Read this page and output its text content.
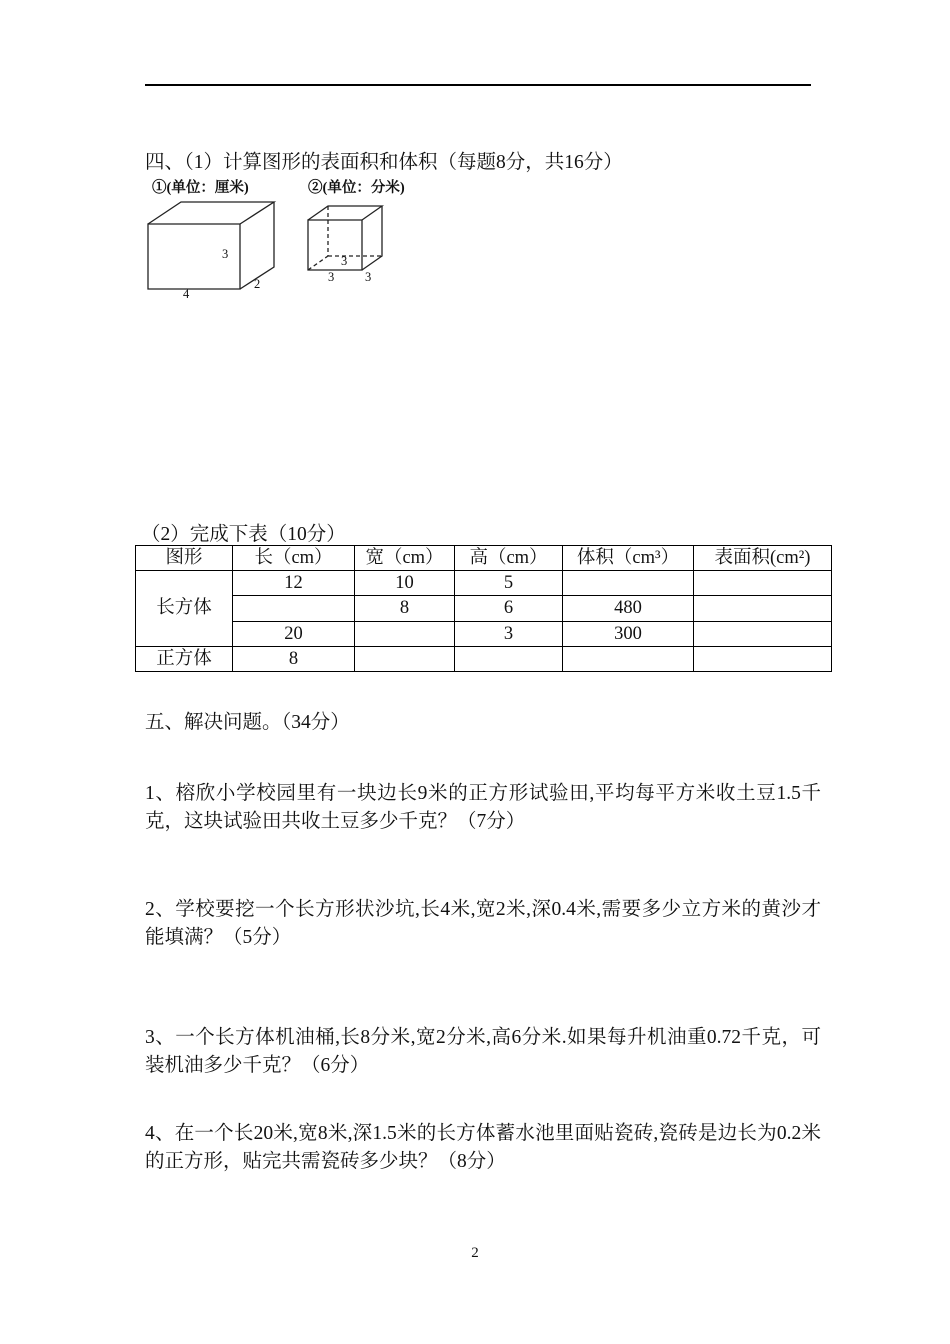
四、（1）计算图形的表面积和体积（每题8分，共16分）
①(单位：厘米)	②(单位：分米)
3
2
4
3
3 3
（2）完成下表（10分）
图形	长（cm）	宽（cm）	高（cm）	体积（cm³）	表面积(cm²)
长方体	12	10	5		
		8	6	480	
	20		3	300	
正方体	8				
五、解决问题。（34分）

1、榕欣小学校园里有一块边长9米的正方形试验田,平均每平方米收土豆1.5千克，这块试验田共收土豆多少千克？（7分）

2、学校要挖一个长方形状沙坑,长4米,宽2米,深0.4米,需要多少立方米的黄沙才能填满？（5分）

3、一个长方体机油桶,长8分米,宽2分米,高6分米.如果每升机油重0.72千克，可装机油多少千克？（6分）

4、在一个长20米,宽8米,深1.5米的长方体蓄水池里面贴瓷砖,瓷砖是边长为0.2米的正方形，贴完共需瓷砖多少块？（8分）

2
